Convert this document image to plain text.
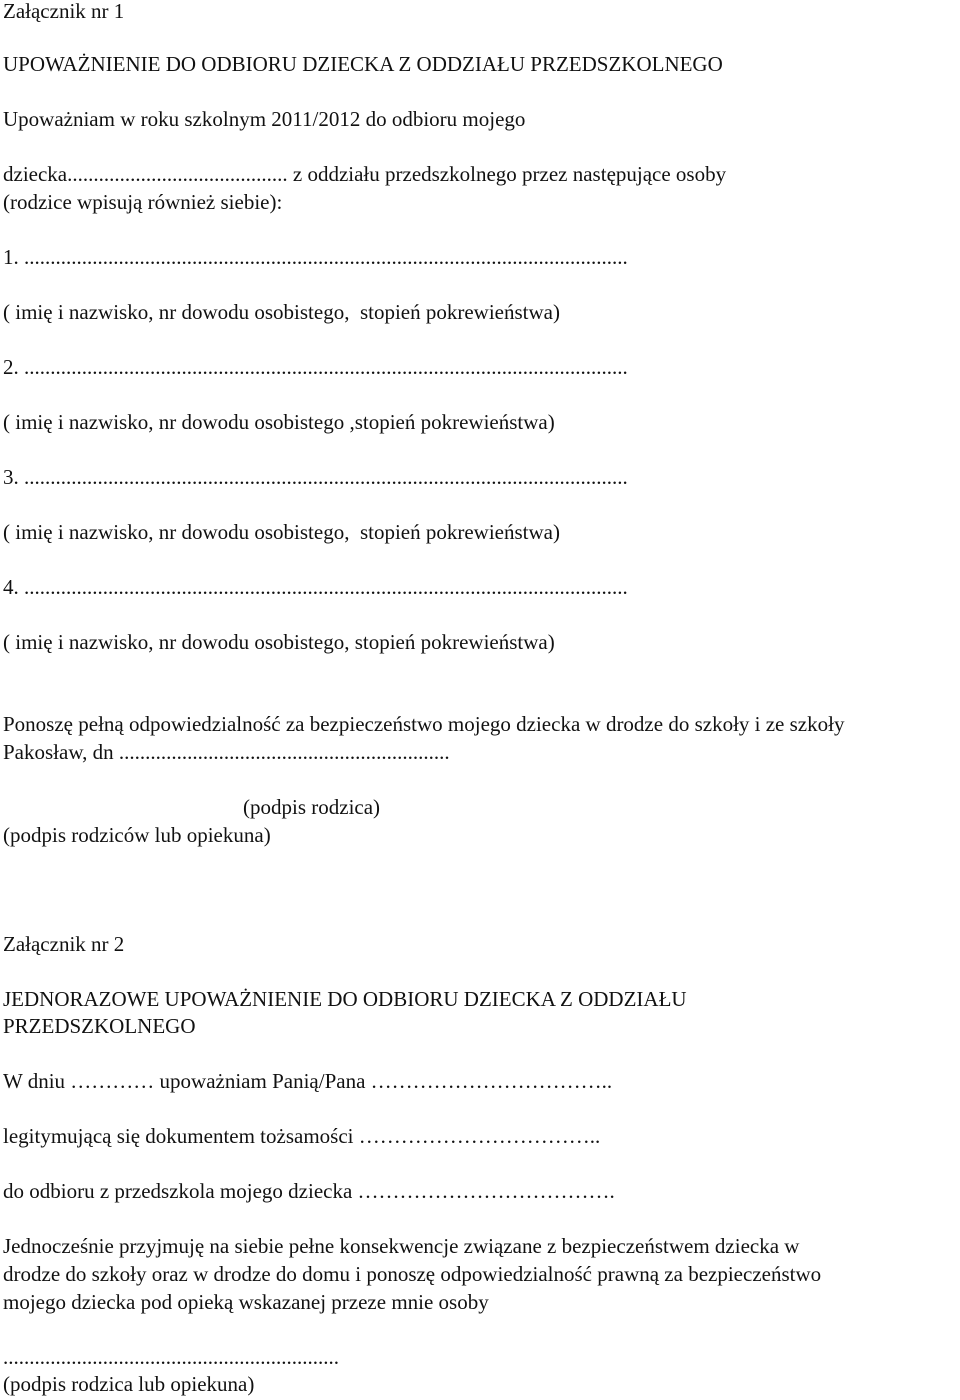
Załącznik nr 1

UPOWAŻNIENIE DO ODBIORU DZIECKA Z ODDZIAŁU PRZEDSZKOLNEGO

Upoważniam w roku szkolnym 2011/2012 do odbioru mojego

dziecka.......................................... z oddziału przedszkolnego przez następujące osoby

(rodzice wpisują również siebie):

1. ...................................................................................................................

( imię i nazwisko, nr dowodu osobistego,  stopień pokrewieństwa)

2. ...................................................................................................................

( imię i nazwisko, nr dowodu osobistego ,stopień pokrewieństwa)

3. ...................................................................................................................

( imię i nazwisko, nr dowodu osobistego,  stopień pokrewieństwa)

4. ...................................................................................................................

( imię i nazwisko, nr dowodu osobistego, stopień pokrewieństwa)

Ponoszę pełną odpowiedzialność za bezpieczeństwo mojego dziecka w drodze do szkoły i ze szkoły

Pakosław, dn ...............................................................

(podpis rodzica)

(podpis rodziców lub opiekuna)

Załącznik nr 2

JEDNORAZOWE UPOWAŻNIENIE DO ODBIORU DZIECKA Z ODDZIAŁU

PRZEDSZKOLNEGO

W dniu ………… upoważniam Panią/Pana ……………………………..

legitymującą się dokumentem tożsamości ……………………………..

do odbioru z przedszkola mojego dziecka ……………………………….

Jednocześnie przyjmuję na siebie pełne konsekwencje związane z bezpieczeństwem dziecka w

drodze do szkoły oraz w drodze do domu i ponoszę odpowiedzialność prawną za bezpieczeństwo

mojego dziecka pod opieką wskazanej przeze mnie osoby

................................................................

(podpis rodzica lub opiekuna)
